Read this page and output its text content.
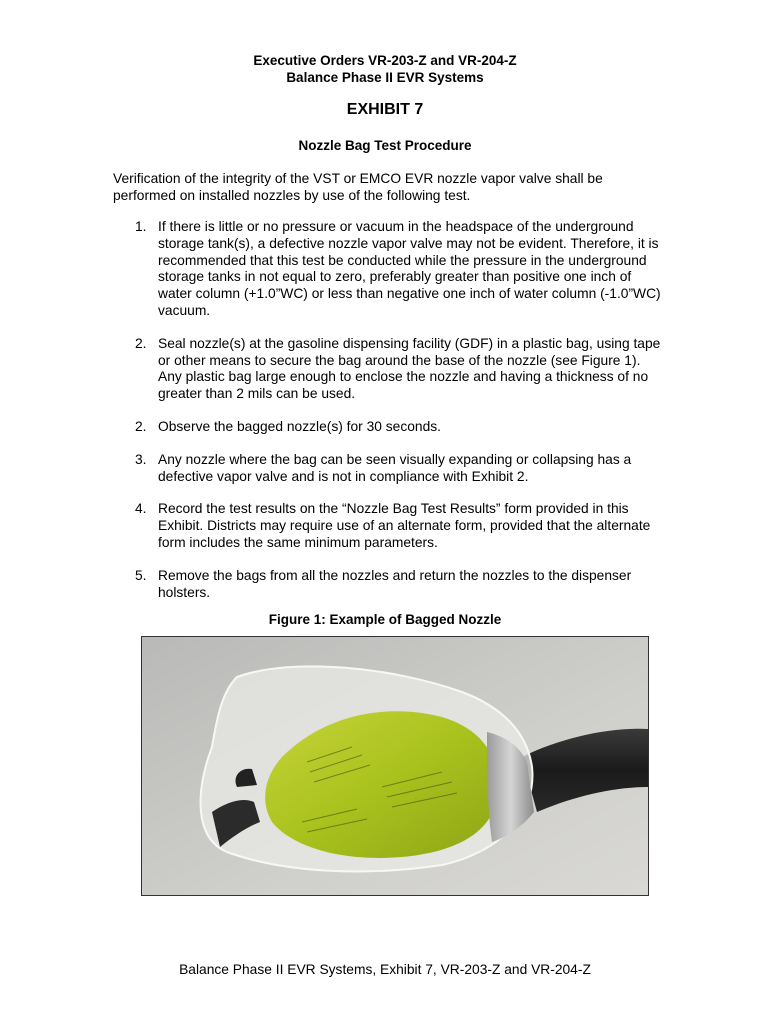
Executive Orders VR-203-Z and VR-204-Z
Balance Phase II EVR Systems
EXHIBIT 7
Nozzle Bag Test Procedure
Verification of the integrity of the VST or EMCO EVR nozzle vapor valve shall be performed on installed nozzles by use of the following test.
1. If there is little or no pressure or vacuum in the headspace of the underground storage tank(s), a defective nozzle vapor valve may not be evident. Therefore, it is recommended that this test be conducted while the pressure in the underground storage tanks in not equal to zero, preferably greater than positive one inch of water column (+1.0”WC) or less than negative one inch of water column (-1.0”WC) vacuum.
2. Seal nozzle(s) at the gasoline dispensing facility (GDF) in a plastic bag, using tape or other means to secure the bag around the base of the nozzle (see Figure 1). Any plastic bag large enough to enclose the nozzle and having a thickness of no greater than 2 mils can be used.
2. Observe the bagged nozzle(s) for 30 seconds.
3. Any nozzle where the bag can be seen visually expanding or collapsing has a defective vapor valve and is not in compliance with Exhibit 2.
4. Record the test results on the “Nozzle Bag Test Results” form provided in this Exhibit. Districts may require use of an alternate form, provided that the alternate form includes the same minimum parameters.
5. Remove the bags from all the nozzles and return the nozzles to the dispenser holsters.
Figure 1: Example of Bagged Nozzle
Balance Phase II EVR Systems, Exhibit 7, VR-203-Z and VR-204-Z
